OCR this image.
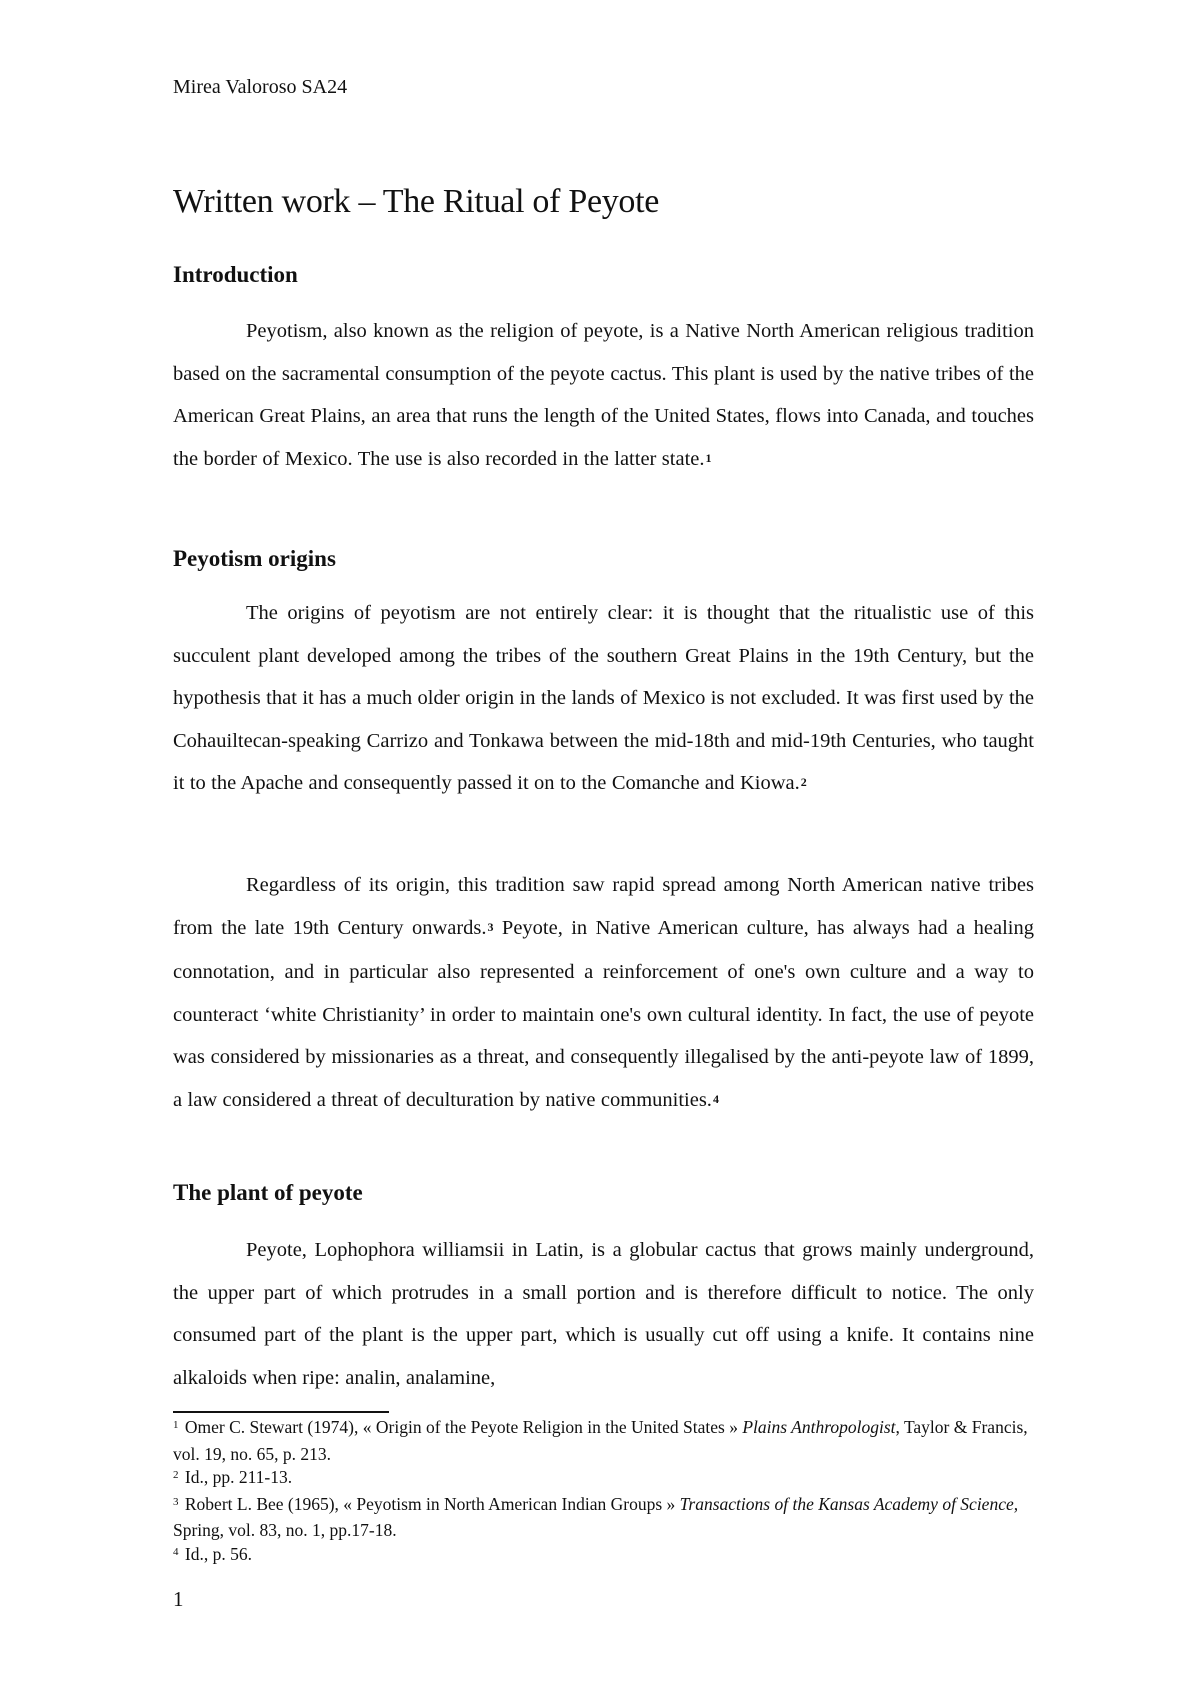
Mirea Valoroso SA24
Written work – The Ritual of Peyote
Introduction

Peyotism, also known as the religion of peyote, is a Native North American religious tradition based on the sacramental consumption of the peyote cactus. This plant is used by the native tribes of the American Great Plains, an area that runs the length of the United States, flows into Canada, and touches the border of Mexico. The use is also recorded in the latter state.$^1$

Peyotism origins

The origins of peyotism are not entirely clear: it is thought that the ritualistic use of this succulent plant developed among the tribes of the southern Great Plains in the 19th Century, but the hypothesis that it has a much older origin in the lands of Mexico is not excluded. It was first used by the Cohauiltecan-speaking Carrizo and Tonkawa between the mid-18th and mid-19th Centuries, who taught it to the Apache and consequently passed it on to the Comanche and Kiowa.$^2$

Regardless of its origin, this tradition saw rapid spread among North American native tribes from the late 19th Century onwards.$^3$ Peyote, in Native American culture, has always had a healing connotation, and in particular also represented a reinforcement of one's own culture and a way to counteract ‘white Christianity’ in order to maintain one's own cultural identity. In fact, the use of peyote was considered by missionaries as a threat, and consequently illegalised by the anti-peyote law of 1899, a law considered a threat of deculturation by native communities.$^4$

The plant of peyote

Peyote, Lophophora williamsii in Latin, is a globular cactus that grows mainly underground, the upper part of which protrudes in a small portion and is therefore difficult to notice. The only consumed part of the plant is the upper part, which is usually cut off using a knife. It contains nine alkaloids when ripe: analin, analamine,

$^1$ Omer C. Stewart (1974), « Origin of the Peyote Religion in the United States » Plains Anthropologist, Taylor & Francis, vol. 19, no. 65, p. 213.

$^2$ Id., pp. 211-13.

$^3$ Robert L. Bee (1965), « Peyotism in North American Indian Groups » Transactions of the Kansas Academy of Science, Spring, vol. 83, no. 1, pp.17-18.

$^4$ Id., p. 56.

1
